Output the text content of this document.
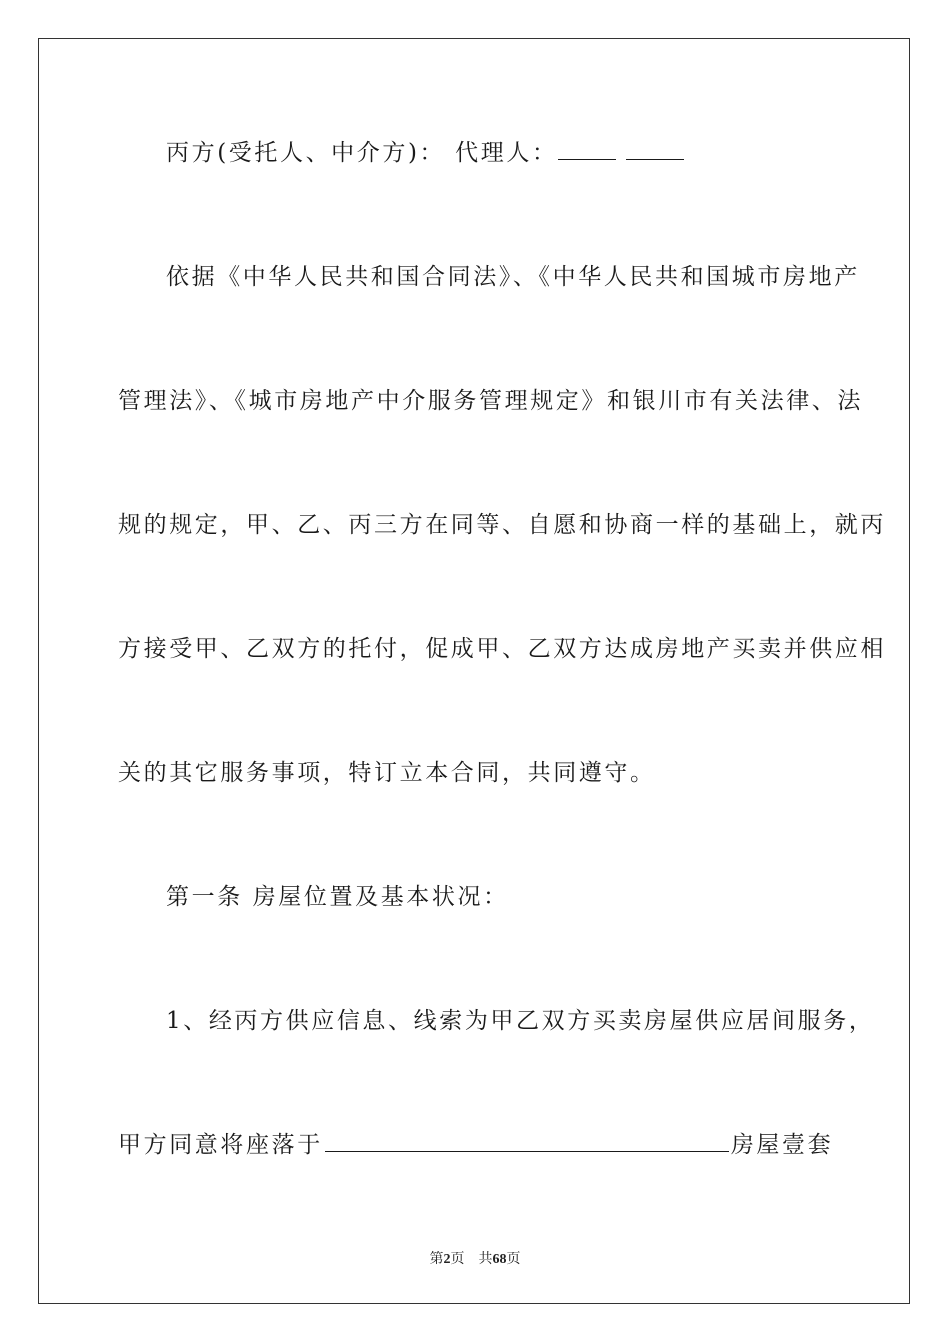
丙方(受托人、中介方)： 代理人：
依据《中华人民共和国合同法》、《中华人民共和国城市房地产
管理法》、《城市房地产中介服务管理规定》和银川市有关法律、法
规的规定，甲、乙、丙三方在同等、自愿和协商一样的基础上，就丙
方接受甲、乙双方的托付，促成甲、乙双方达成房地产买卖并供应相
关的其它服务事项，特订立本合同，共同遵守。
第一条 房屋位置及基本状况：
1、经丙方供应信息、线索为甲乙双方买卖房屋供应居间服务，
甲方同意将座落于	房屋壹套
第2页 共68页
